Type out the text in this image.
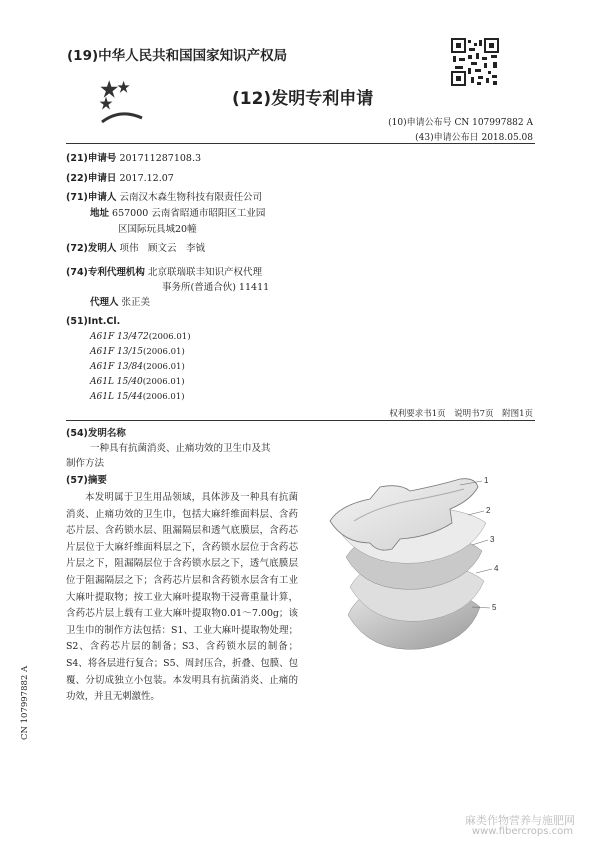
(19)中华人民共和国国家知识产权局
(12)发明专利申请
(10)申请公布号 CN 107997882 A
(43)申请公布日 2018.05.08
(21)申请号 201711287108.3
(22)申请日 2017.12.07
(71)申请人 云南汉木森生物科技有限责任公司
地址 657000 云南省昭通市昭阳区工业园
区国际玩具城20幢
(72)发明人 项伟　顾文云　李钺
(74)专利代理机构 北京联瑞联丰知识产权代理
事务所(普通合伙) 11411
代理人 张正美
(51)Int.Cl.
A61F 13/472(2006.01)
A61F 13/15(2006.01)
A61F 13/84(2006.01)
A61L 15/40(2006.01)
A61L 15/44(2006.01)
权利要求书1页　说明书7页　附图1页
(54)发明名称
一种具有抗菌消炎、止痛功效的卫生巾及其
制作方法
(57)摘要

本发明属于卫生用品领域，具体涉及一种具有抗菌消炎、止痛功效的卫生巾，包括大麻纤维面料层、含药芯片层、含药锁水层、阻漏隔层和透气底膜层，含药芯片层位于大麻纤维面料层之下，含药锁水层位于含药芯片层之下，阻漏隔层位于含药锁水层之下，透气底膜层位于阻漏隔层之下；含药芯片层和含药锁水层含有工业大麻叶提取物；按工业大麻叶提取物干浸膏重量计算，含药芯片层上载有工业大麻叶提取物0.01～7.00g；该卫生巾的制作方法包括：S1、工业大麻叶提取物处理；S2、含药芯片层的制备；S3、含药锁水层的制备；S4、将各层进行复合；S5、周封压合，折叠、包膜、包覆、分切成独立小包装。本发明具有抗菌消炎、止痛的功效，并且无刺激性。

1
2
3
4
5
CN 107997882 A
麻类作物营养与施肥网
www.fibercrops.com
